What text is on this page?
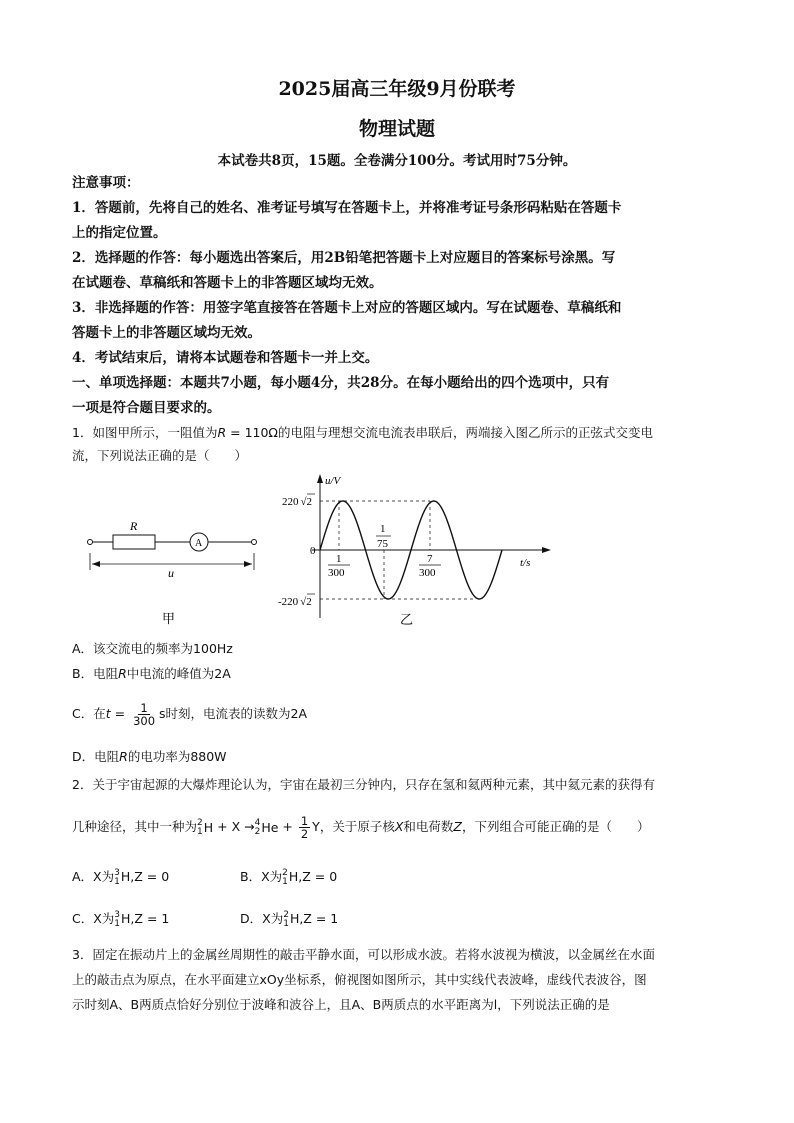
2025届高三年级9月份联考
物理试题
本试卷共8页，15题。全卷满分100分。考试用时75分钟。
注意事项：
1．答题前，先将自己的姓名、准考证号填写在答题卡上，并将准考证号条形码粘贴在答题卡
上的指定位置。
2．选择题的作答：每小题选出答案后，用2B铅笔把答题卡上对应题目的答案标号涂黑。写
在试题卷、草稿纸和答题卡上的非答题区域均无效。
3．非选择题的作答：用签字笔直接答在答题卡上对应的答题区域内。写在试题卷、草稿纸和
答题卡上的非答题区域均无效。
4．考试结束后，请将本试题卷和答题卡一并上交。
一、单项选择题：本题共7小题，每小题4分，共28分。在每小题给出的四个选项中，只有
一项是符合题目要求的。
1．如图甲所示，一阻值为R = 110Ω的电阻与理想交流电流表串联后，两端接入图乙所示的正弦式交变电
流，下列说法正确的是（　　）
R
A
u
甲
u/V
t/s
0
220 √2
-220 √2
1
300
1
75
7
300
乙
A．该交流电的频率为100Hz
B．电阻R中电流的峰值为2A
C．在$t = \frac{1}{300}$ s时刻，电流表的读数为2A
D．电阻R的电功率为880W
2．关于宇宙起源的大爆炸理论认为，宇宙在最初三分钟内，只存在氢和氦两种元素，其中氦元素的获得有
几种途径，其中一种为 2
1 H + X → 4
2 $He + \frac{1}{2}$ Y，关于原子核X和电荷数Z，下列组合可能正确的是（　　）
A．X为 3
1 H,Z = 0	B．X为 2
1 H,Z = 0
C．X为 3
1 H,Z = 1	D．X为 2
1 H,Z = 1
3．固定在振动片上的金属丝周期性的敲击平静水面，可以形成水波。若将水波视为横波，以金属丝在水面
上的敲击点为原点，在水平面建立xOy坐标系，俯视图如图所示，其中实线代表波峰，虚线代表波谷，图
示时刻A、B两质点恰好分别位于波峰和波谷上，且A、B两质点的水平距离为l，下列说法正确的是
